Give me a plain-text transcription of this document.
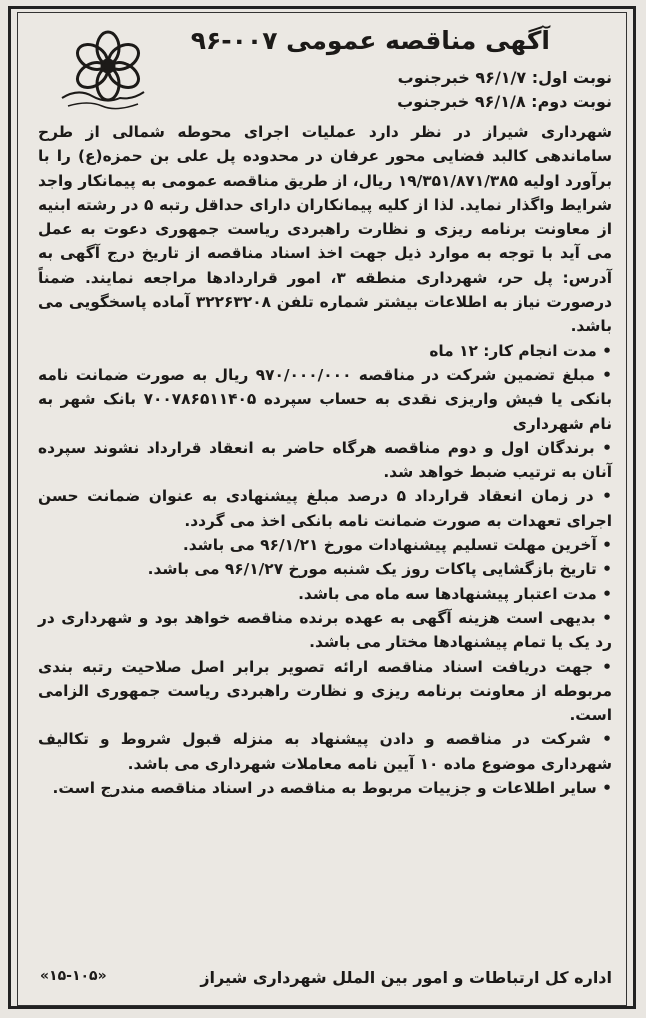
آگهی مناقصه عمومی ۰۰۷-۹۶
نوبت اول: ۹۶/۱/۷ خبرجنوب
نوبت دوم: ۹۶/۱/۸ خبرجنوب

شهرداری شیراز در نظر دارد عملیات اجرای محوطه شمالی از طرح ساماندهی کالبد فضایی محور عرفان در محدوده پل علی بن حمزه(ع) را با برآورد اولیه ۱۹/۳۵۱/۸۷۱/۳۸۵ ریال، از طریق مناقصه عمومی به پیمانکار واجد شرایط واگذار نماید. لذا از کلیه پیمانکاران دارای حداقل رتبه ۵ در رشته ابنیه از معاونت برنامه ریزی و نظارت راهبردی ریاست جمهوری دعوت به عمل می آید با توجه به موارد ذیل جهت اخذ اسناد مناقصه از تاریخ درج آگهی به آدرس: پل حر، شهرداری منطقه ۳، امور قراردادها مراجعه نمایند. ضمناً درصورت نیاز به اطلاعات بیشتر شماره تلفن ۳۲۲۶۳۲۰۸ آماده پاسخگویی می باشد.

• مدت انجام کار: ۱۲ ماه

• مبلغ تضمین شرکت در مناقصه ۹۷۰/۰۰۰/۰۰۰ ریال به صورت ضمانت نامه بانکی یا فیش واریزی نقدی به حساب سپرده ۷۰۰۷۸۶۵۱۱۴۰۵ بانک شهر به نام شهرداری

• برندگان اول و دوم مناقصه هرگاه حاضر به انعقاد قرارداد نشوند سپرده آنان به ترتیب ضبط خواهد شد.

• در زمان انعقاد قرارداد ۵ درصد مبلغ پیشنهادی به عنوان ضمانت حسن اجرای تعهدات به صورت ضمانت نامه بانکی اخذ می گردد.

• آخرین مهلت تسلیم پیشنهادات مورخ ۹۶/۱/۲۱ می باشد.

• تاریخ بازگشایی پاکات روز یک شنبه مورخ ۹۶/۱/۲۷ می باشد.

• مدت اعتبار پیشنهادها سه ماه می باشد.

• بدیهی است هزینه آگهی به عهده برنده مناقصه خواهد بود و شهرداری در رد یک یا تمام پیشنهادها مختار می باشد.

• جهت دریافت اسناد مناقصه ارائه تصویر برابر اصل صلاحیت رتبه بندی مربوطه از معاونت برنامه ریزی و نظارت راهبردی ریاست جمهوری الزامی است.

• شرکت در مناقصه و دادن پیشنهاد به منزله قبول شروط و تکالیف شهرداری موضوع ماده ۱۰ آیین نامه معاملات شهرداری می باشد.

• سایر اطلاعات و جزییات مربوط به مناقصه در اسناد مناقصه مندرج است.

اداره کل ارتباطات و امور بین الملل شهرداری شیراز
«۱۵-۱۰۵»
